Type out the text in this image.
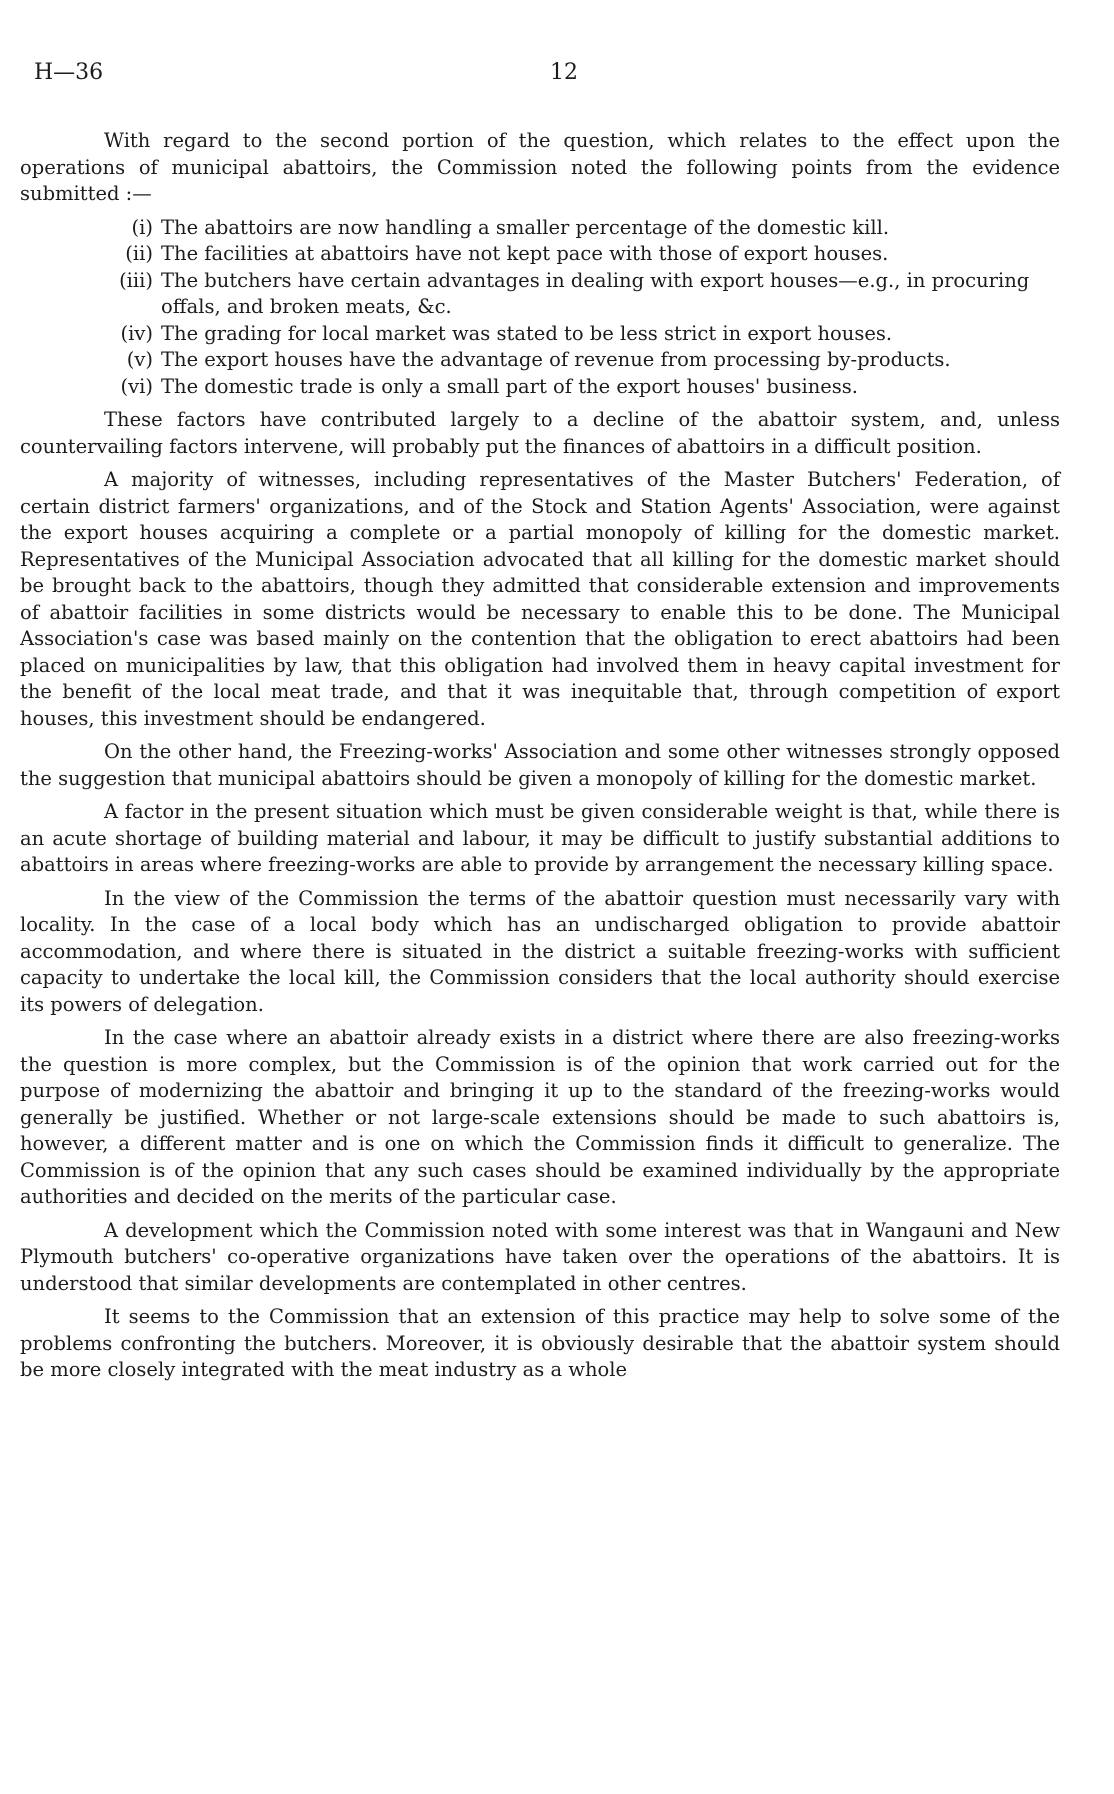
H—36	12

With regard to the second portion of the question, which relates to the effect upon the operations of municipal abattoirs, the Commission noted the following points from the evidence submitted :—

(i) The abattoirs are now handling a smaller percentage of the domestic kill.
(ii) The facilities at abattoirs have not kept pace with those of export houses.
(iii) The butchers have certain advantages in dealing with export houses—e.g., in procuring offals, and broken meats, &c.
(iv) The grading for local market was stated to be less strict in export houses.
(v) The export houses have the advantage of revenue from processing by-products.
(vi) The domestic trade is only a small part of the export houses' business.

These factors have contributed largely to a decline of the abattoir system, and, unless countervailing factors intervene, will probably put the finances of abattoirs in a difficult position.

A majority of witnesses, including representatives of the Master Butchers' Federation, of certain district farmers' organizations, and of the Stock and Station Agents' Association, were against the export houses acquiring a complete or a partial monopoly of killing for the domestic market. Representatives of the Municipal Association advocated that all killing for the domestic market should be brought back to the abattoirs, though they admitted that considerable extension and improvements of abattoir facilities in some districts would be necessary to enable this to be done. The Municipal Association's case was based mainly on the contention that the obligation to erect abattoirs had been placed on municipalities by law, that this obligation had involved them in heavy capital investment for the benefit of the local meat trade, and that it was inequitable that, through competition of export houses, this investment should be endangered.

On the other hand, the Freezing-works' Association and some other witnesses strongly opposed the suggestion that municipal abattoirs should be given a monopoly of killing for the domestic market.

A factor in the present situation which must be given considerable weight is that, while there is an acute shortage of building material and labour, it may be difficult to justify substantial additions to abattoirs in areas where freezing-works are able to provide by arrangement the necessary killing space.

In the view of the Commission the terms of the abattoir question must necessarily vary with locality. In the case of a local body which has an undischarged obligation to provide abattoir accommodation, and where there is situated in the district a suitable freezing-works with sufficient capacity to undertake the local kill, the Commission considers that the local authority should exercise its powers of delegation.

In the case where an abattoir already exists in a district where there are also freezing-works the question is more complex, but the Commission is of the opinion that work carried out for the purpose of modernizing the abattoir and bringing it up to the standard of the freezing-works would generally be justified. Whether or not large-scale extensions should be made to such abattoirs is, however, a different matter and is one on which the Commission finds it difficult to generalize. The Commission is of the opinion that any such cases should be examined individually by the appropriate authorities and decided on the merits of the particular case.

A development which the Commission noted with some interest was that in Wangauni and New Plymouth butchers' co-operative organizations have taken over the operations of the abattoirs. It is understood that similar developments are contemplated in other centres.

It seems to the Commission that an extension of this practice may help to solve some of the problems confronting the butchers. Moreover, it is obviously desirable that the abattoir system should be more closely integrated with the meat industry as a whole
